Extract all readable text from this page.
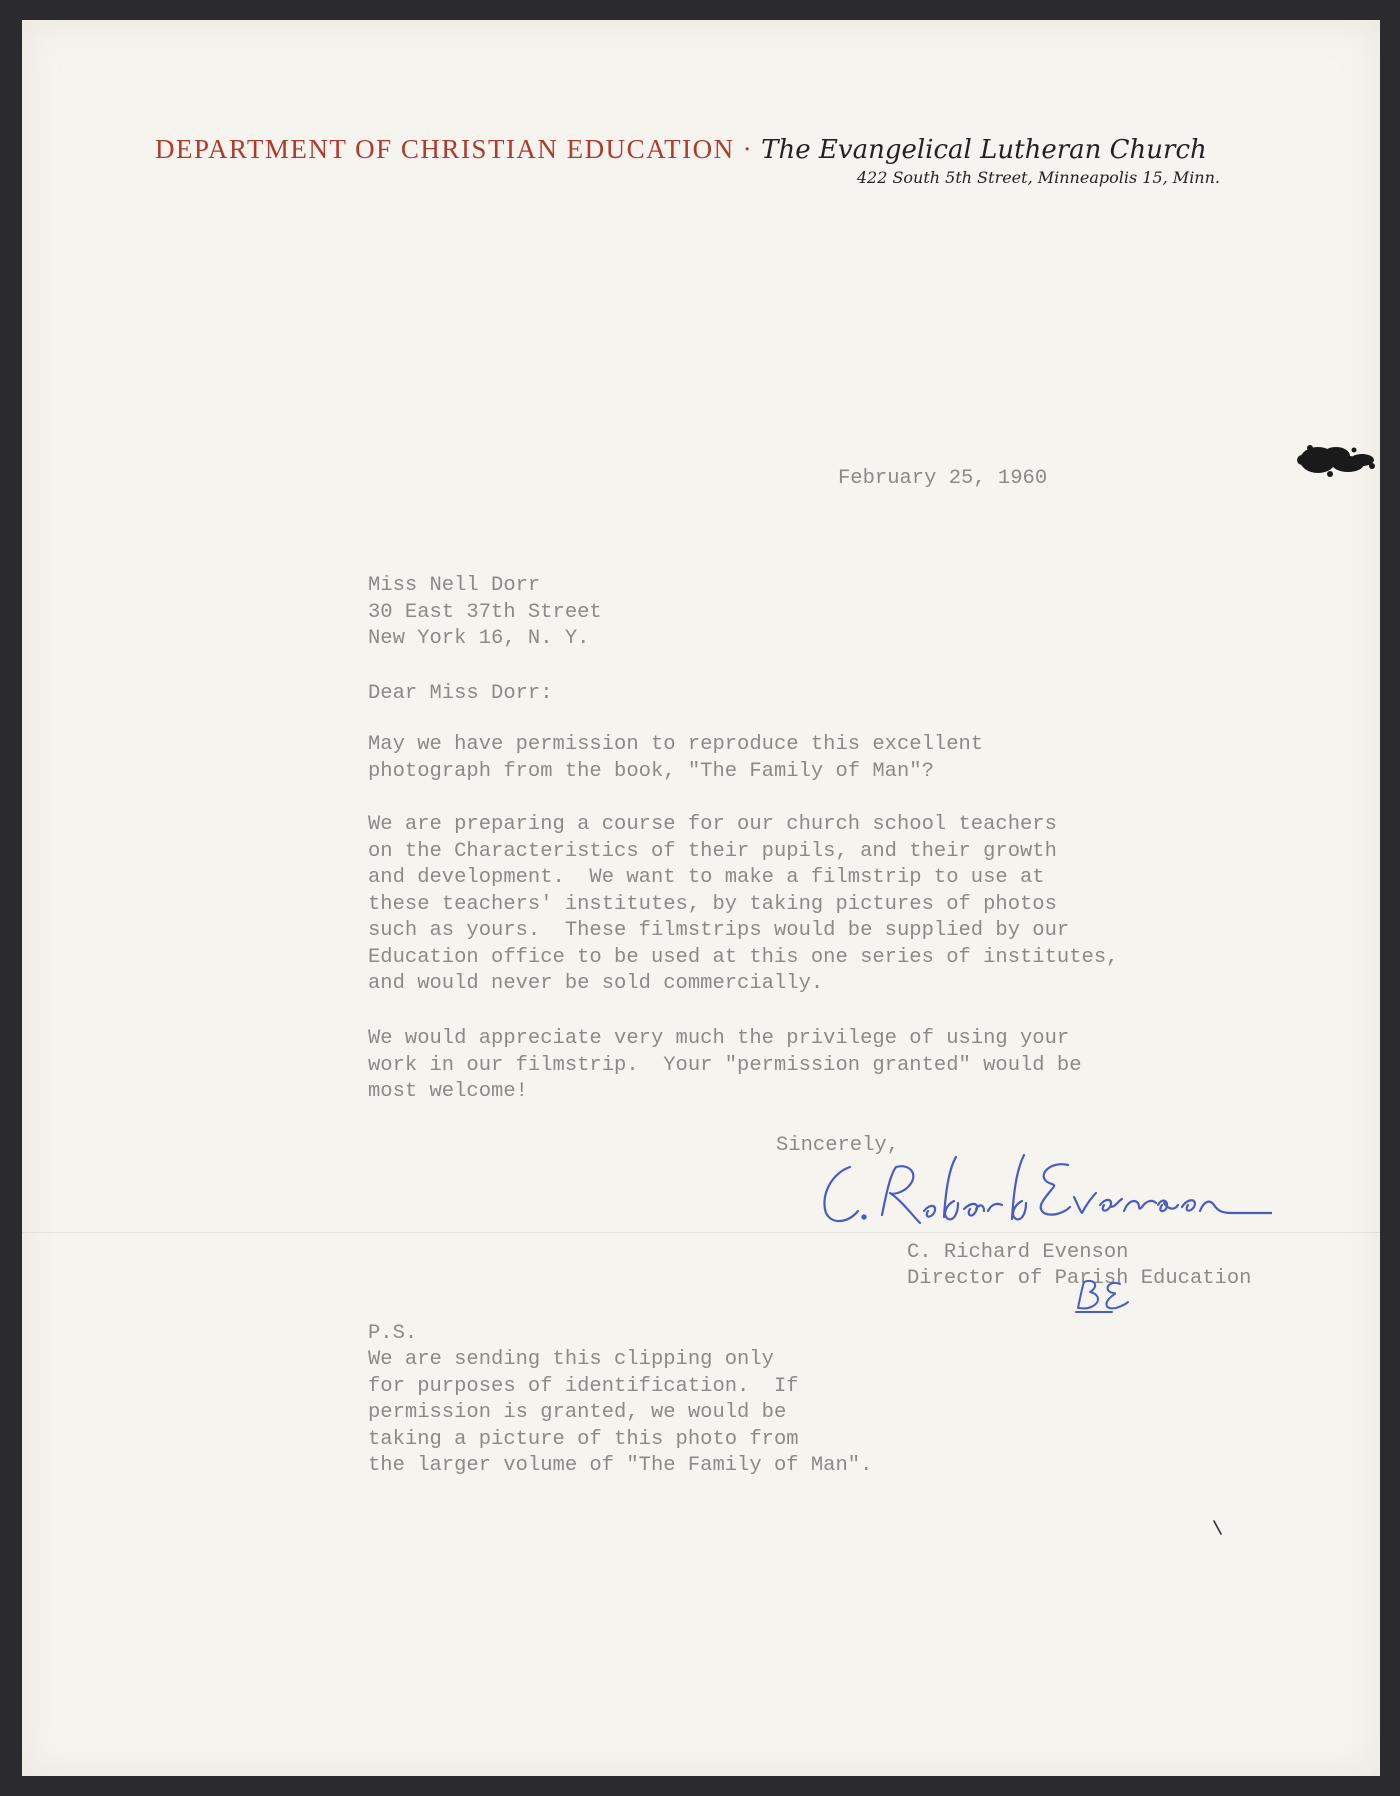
DEPARTMENT OF CHRISTIAN EDUCATION · The Evangelical Lutheran Church
422 South 5th Street, Minneapolis 15, Minn.
February 25, 1960
Miss Nell Dorr
30 East 37th Street
New York 16, N. Y.
Dear Miss Dorr:
May we have permission to reproduce this excellent
photograph from the book, "The Family of Man"?
We are preparing a course for our church school teachers
on the Characteristics of their pupils, and their growth
and development.  We want to make a filmstrip to use at
these teachers' institutes, by taking pictures of photos
such as yours.  These filmstrips would be supplied by our
Education office to be used at this one series of institutes,
and would never be sold commercially.
We would appreciate very much the privilege of using your
work in our filmstrip.  Your "permission granted" would be
most welcome!
Sincerely,
C. Richard Evenson
Director of Parish Education
P.S.
We are sending this clipping only
for purposes of identification.  If
permission is granted, we would be
taking a picture of this photo from
the larger volume of "The Family of Man".
